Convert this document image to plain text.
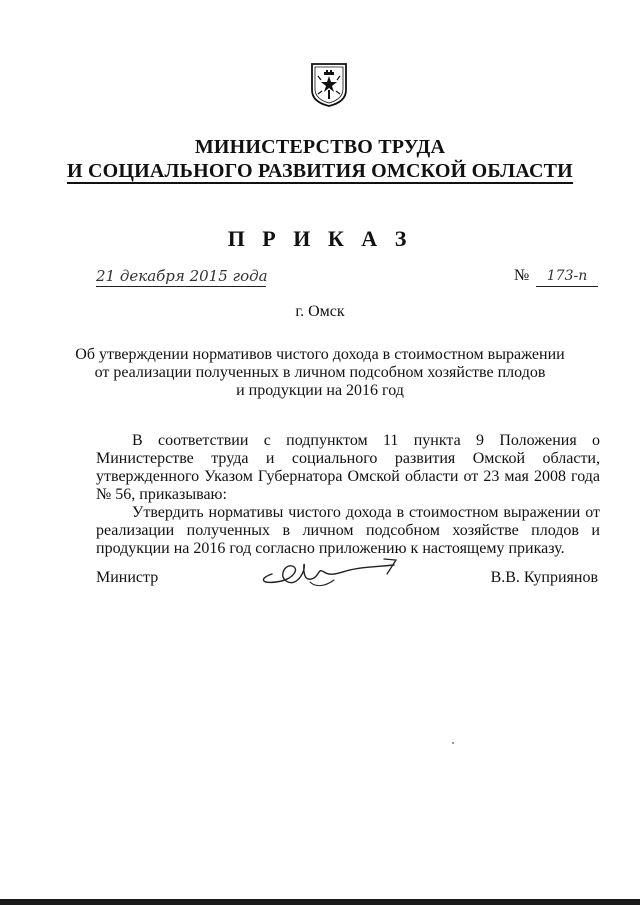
МИНИСТЕРСТВО ТРУДА
И СОЦИАЛЬНОГО РАЗВИТИЯ ОМСКОЙ ОБЛАСТИ
П Р И К А З
21 декабря 2015 года	№	173-п
г. Омск
Об утверждении нормативов чистого дохода в стоимостном выражении
от реализации полученных в личном подсобном хозяйстве плодов
и продукции на 2016 год

В соответствии с подпунктом 11 пункта 9 Положения о Министерстве труда и социального развития Омской области, утвержденного Указом Губернатора Омской области от 23 мая 2008 года № 56, приказываю:

Утвердить нормативы чистого дохода в стоимостном выражении от реализации полученных в личном подсобном хозяйстве плодов и продукции на 2016 год согласно приложению к настоящему приказу.

Министр	В.В. Куприянов
